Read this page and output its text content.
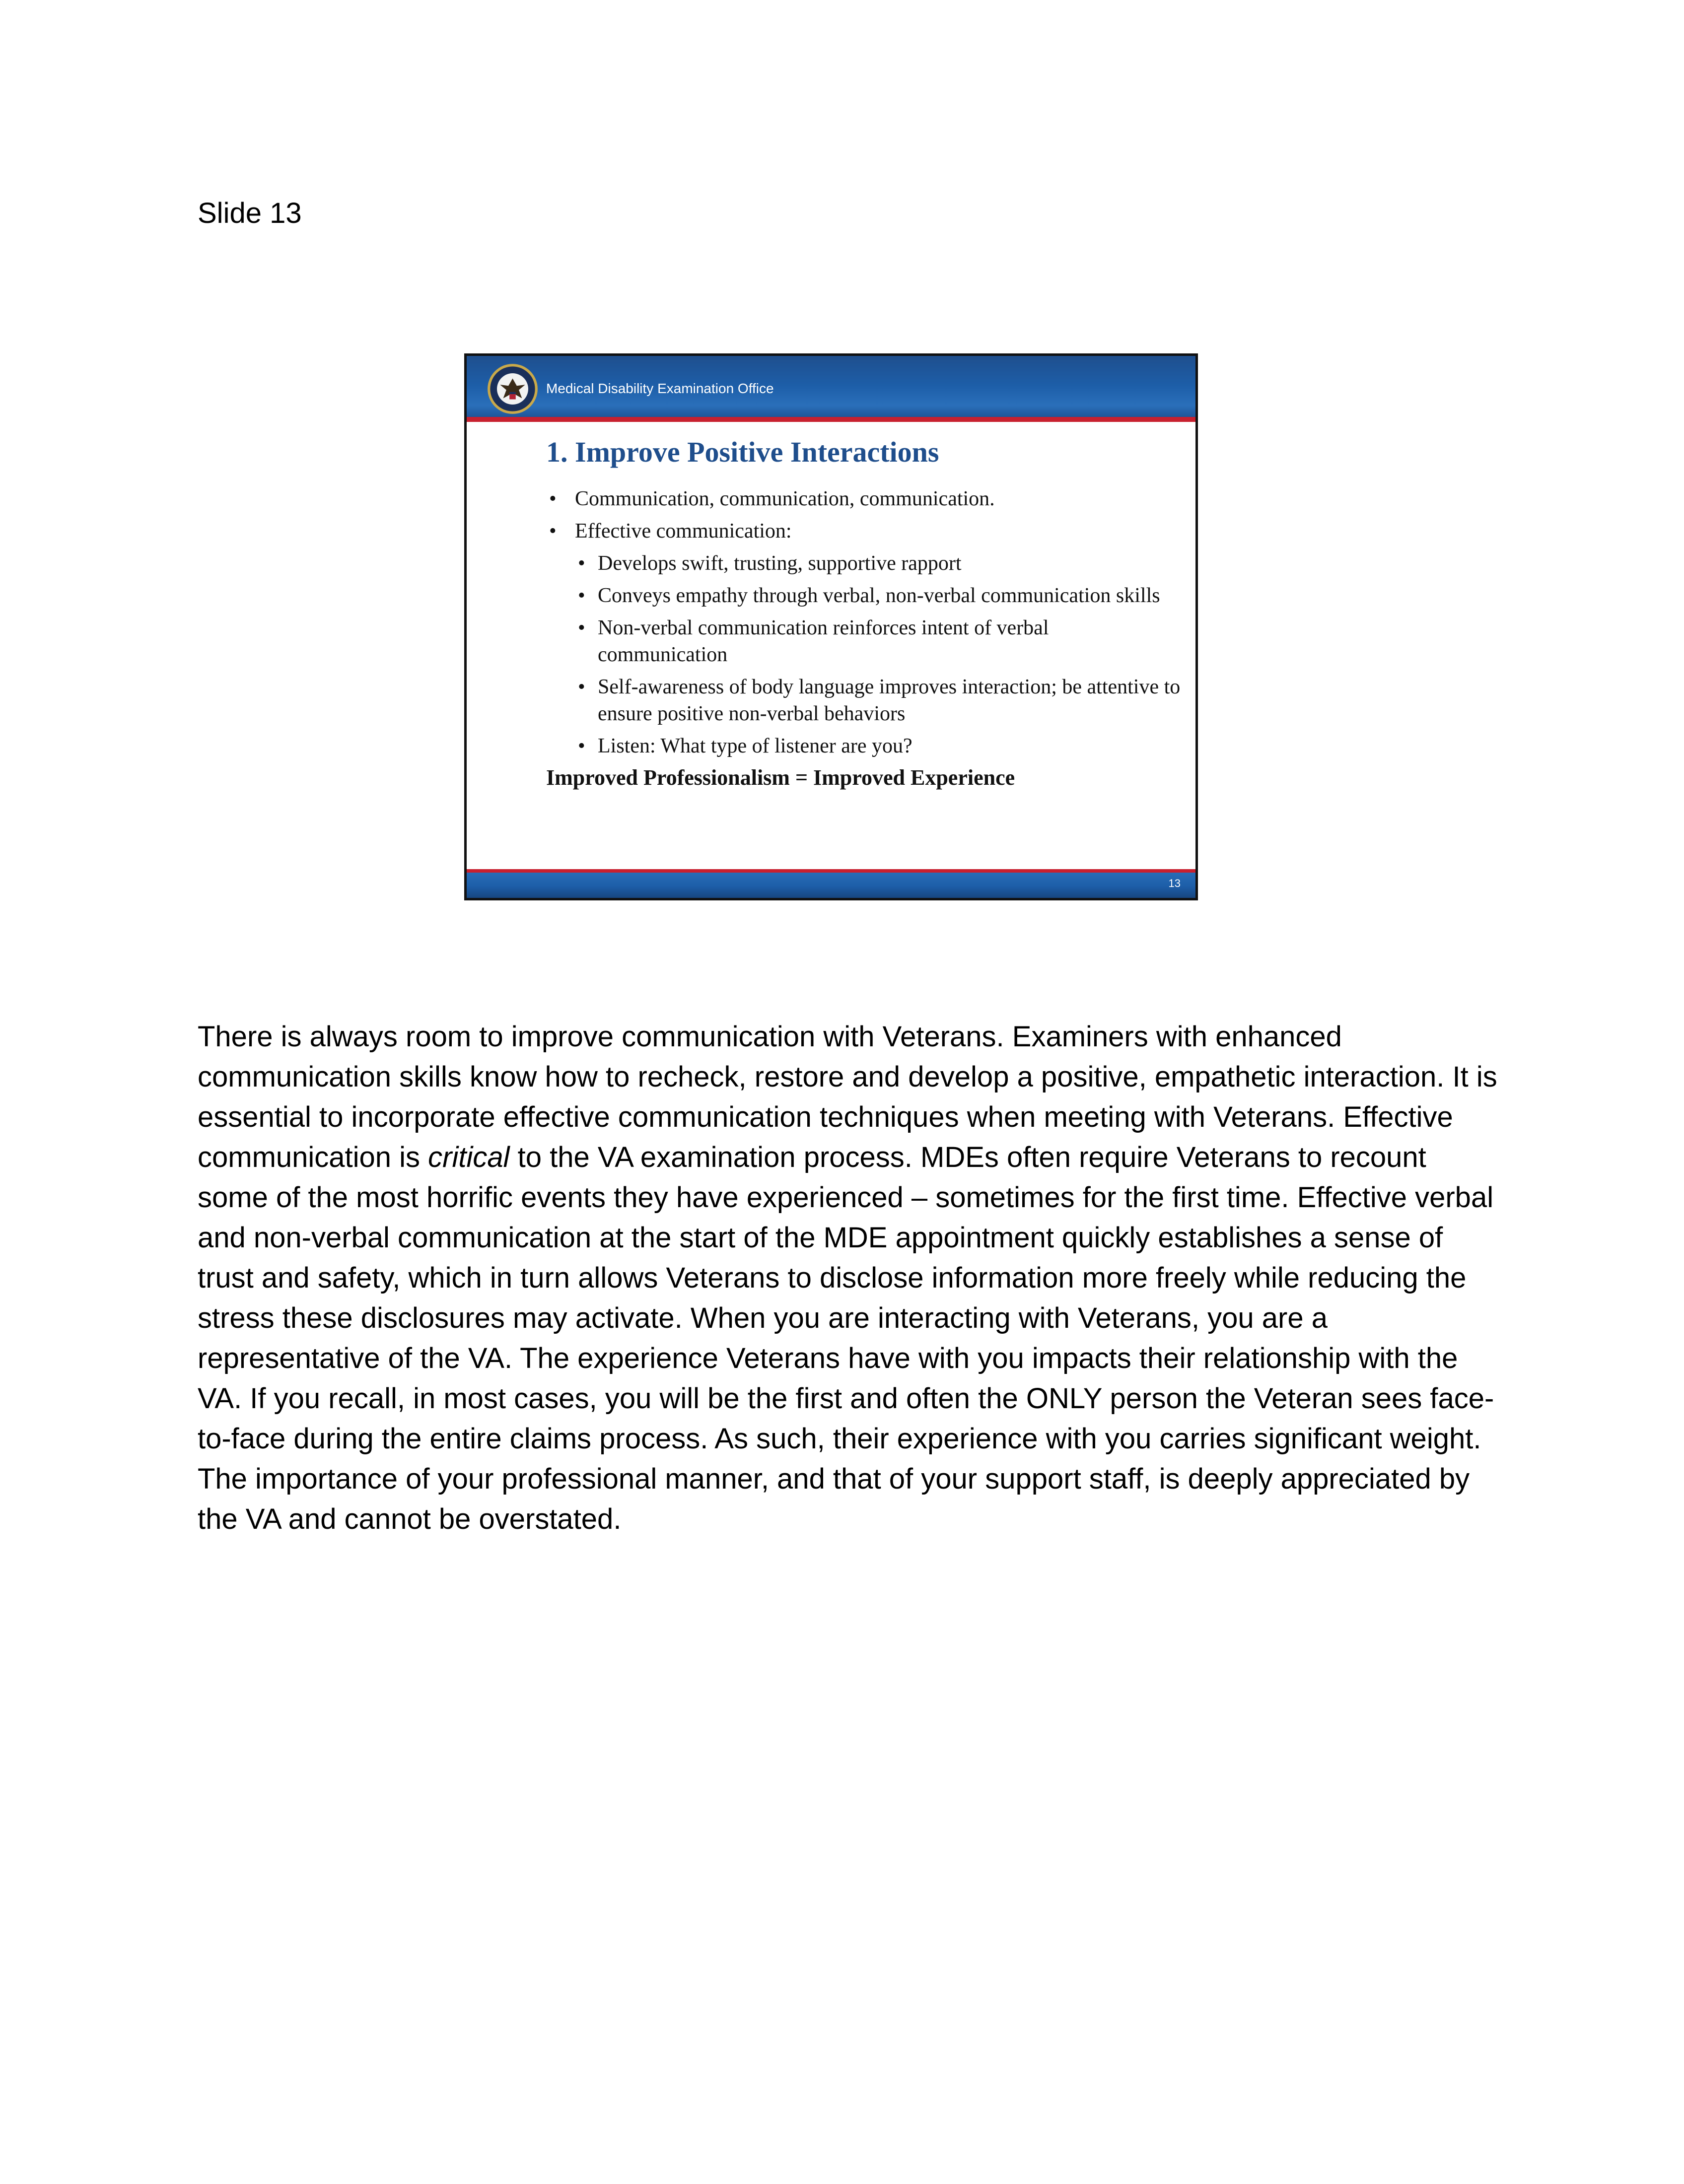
Slide 13
Medical Disability Examination Office
1. Improve Positive Interactions
• Communication, communication, communication.
• Effective communication:
• Develops swift, trusting, supportive rapport
• Conveys empathy through verbal, non-verbal communication skills
• Non-verbal communication reinforces intent of verbal communication
• Self-awareness of body language improves interaction; be attentive to ensure positive non-verbal behaviors
• Listen: What type of listener are you?
Improved Professionalism = Improved Experience
13
There is always room to improve communication with Veterans. Examiners with enhanced communication skills know how to recheck, restore and develop a positive, empathetic interaction. It is essential to incorporate effective communication techniques when meeting with Veterans. Effective communication is critical to the VA examination process. MDEs often require Veterans to recount some of the most horrific events they have experienced – sometimes for the first time. Effective verbal and non-verbal communication at the start of the MDE appointment quickly establishes a sense of trust and safety, which in turn allows Veterans to disclose information more freely while reducing the stress these disclosures may activate. When you are interacting with Veterans, you are a representative of the VA. The experience Veterans have with you impacts their relationship with the VA. If you recall, in most cases, you will be the first and often the ONLY person the Veteran sees face-to-face during the entire claims process. As such, their experience with you carries significant weight. The importance of your professional manner, and that of your support staff, is deeply appreciated by the VA and cannot be overstated.
